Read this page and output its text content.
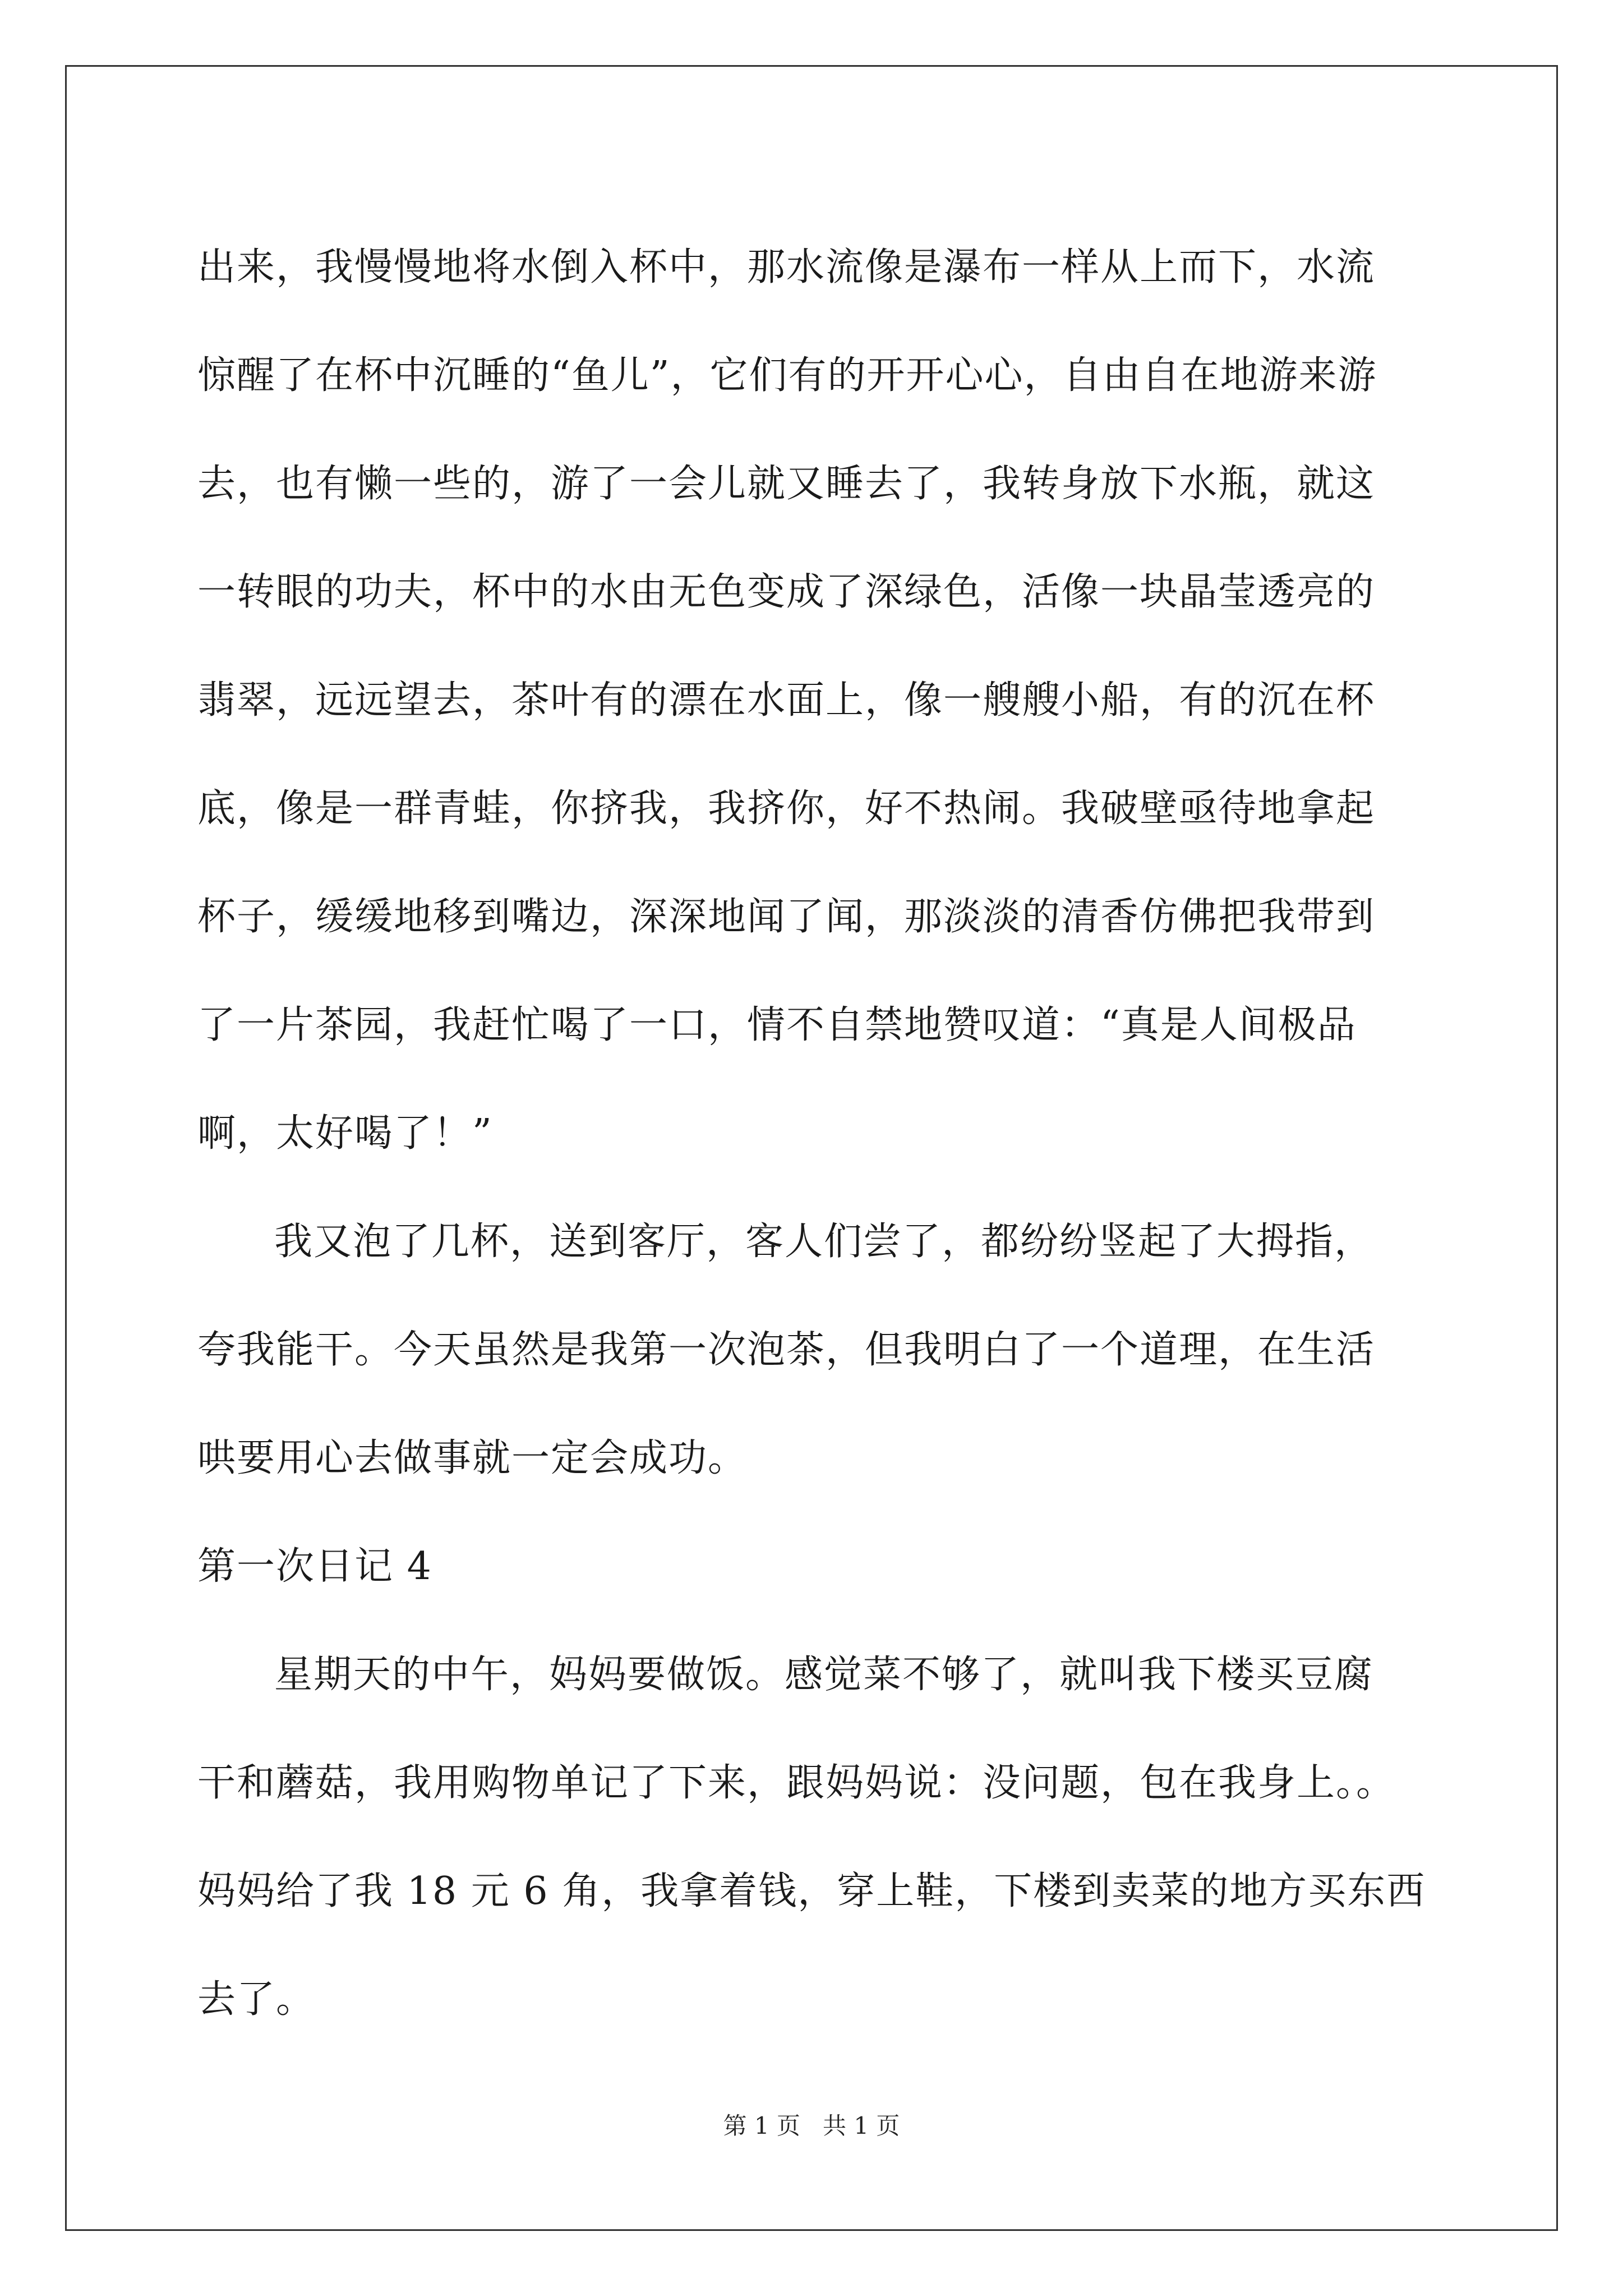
出来，我慢慢地将水倒入杯中，那水流像是瀑布一样从上而下，水流
惊醒了在杯中沉睡的“鱼儿”，它们有的开开心心，自由自在地游来游
去，也有懒一些的，游了一会儿就又睡去了，我转身放下水瓶，就这
一转眼的功夫，杯中的水由无色变成了深绿色，活像一块晶莹透亮的
翡翠，远远望去，茶叶有的漂在水面上，像一艘艘小船，有的沉在杯
底，像是一群青蛙，你挤我，我挤你，好不热闹。我破壁亟待地拿起
杯子，缓缓地移到嘴边，深深地闻了闻，那淡淡的清香仿佛把我带到
了一片茶园，我赶忙喝了一口，情不自禁地赞叹道：“真是人间极品
啊，太好喝了！”
我又泡了几杯，送到客厅，客人们尝了，都纷纷竖起了大拇指，
夸我能干。今天虽然是我第一次泡茶，但我明白了一个道理，在生活
哄要用心去做事就一定会成功。
第一次日记 4
星期天的中午，妈妈要做饭。感觉菜不够了，就叫我下楼买豆腐
干和蘑菇，我用购物单记了下来，跟妈妈说：没问题，包在我身上。。
妈妈给了我 18 元 6 角，我拿着钱，穿上鞋，下楼到卖菜的地方买东西
去了。
第 1 页 共 1 页
